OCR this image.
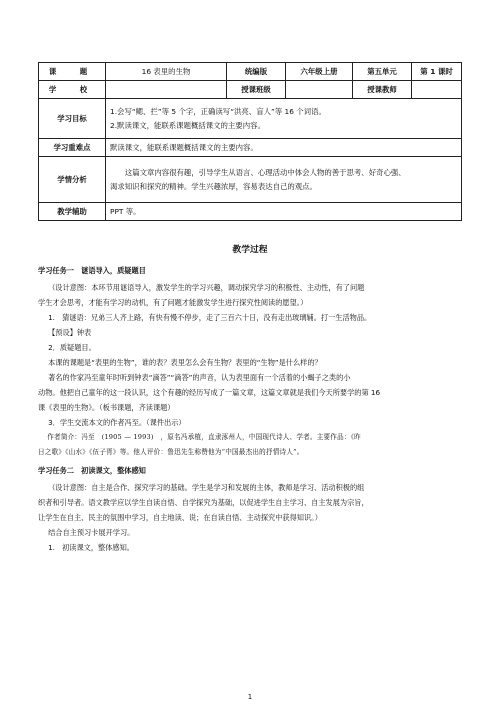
课　题	16 表里的生物	统编版	六年级上册	第五单元	第 1 课时
学　校		授课班级		授课教师	
学习目标	1.会写“鳃、拦”等 5 个字，正确读写“洪亮、盲人”等 16 个词语。
2.默读课文，能联系课题概括课文的主要内容。				

学习重难点	默读课文，能联系课题概括课文的主要内容。				
学情分析	这篇文章内容很有趣，引导学生从语言、心理活动中体会人物的善于思考、好奇心强、
渴求知识和探究的精神。学生兴趣浓厚，容易表达自己的观点。				

教学辅助	PPT 等。				
教学过程

学习任务一　谜语导入，质疑题目

（设计意图：本环节用谜语导入，激发学生的学习兴趣，调动探究学习的积极性、主动性，有了问题

学生才会思考，才能有学习的动机，有了问题才能激发学生进行探究性阅读的愿望。）

1.　猜谜语：兄弟三人齐上路，有快有慢不停步，走了三百六十日，没有走出玻璃辅。打一生活物品。

【预设】钟表

2．质疑题目。

本课的课题是“表里的生物”，谁的表？表里怎么会有生物？表里的“生物”是什么样的？

著名的作家冯至童年时听到钟表“滴答”“滴答”的声音，认为表里面有一个活着的小蝎子之类的小

动物。他把自己童年的这一段认识，这个有趣的经历写成了一篇文章，这篇文章就是我们今天所要学的第 16

课《表里的生物》。（板书课题，齐读课题）

3．学生交流本文的作者冯至。（课件出示）

作者简介：冯至　(1905 — 1993)　，原名冯承植，直隶涿州人，中国现代诗人、学者。主要作品：《昨

日之歌》《山水》《伍子胥》等。他人评价：鲁迅先生称赞他为“中国最杰出的抒情诗人”。

学习任务二　初读课文，整体感知

（设计意图：自主是合作、探究学习的基础。学生是学习和发展的主体，教师是学习、活动积极的组

织者和引导者。语文教学应以学生自读自悟、自学探究为基础，以促进学生自主学习、自主发展为宗旨，

让学生在自主、民主的氛围中学习，自主地读、说；在自读自悟、主动探究中获得知识。）

结合自主预习卡展开学习。

1.　初读课文，整体感知。

1
